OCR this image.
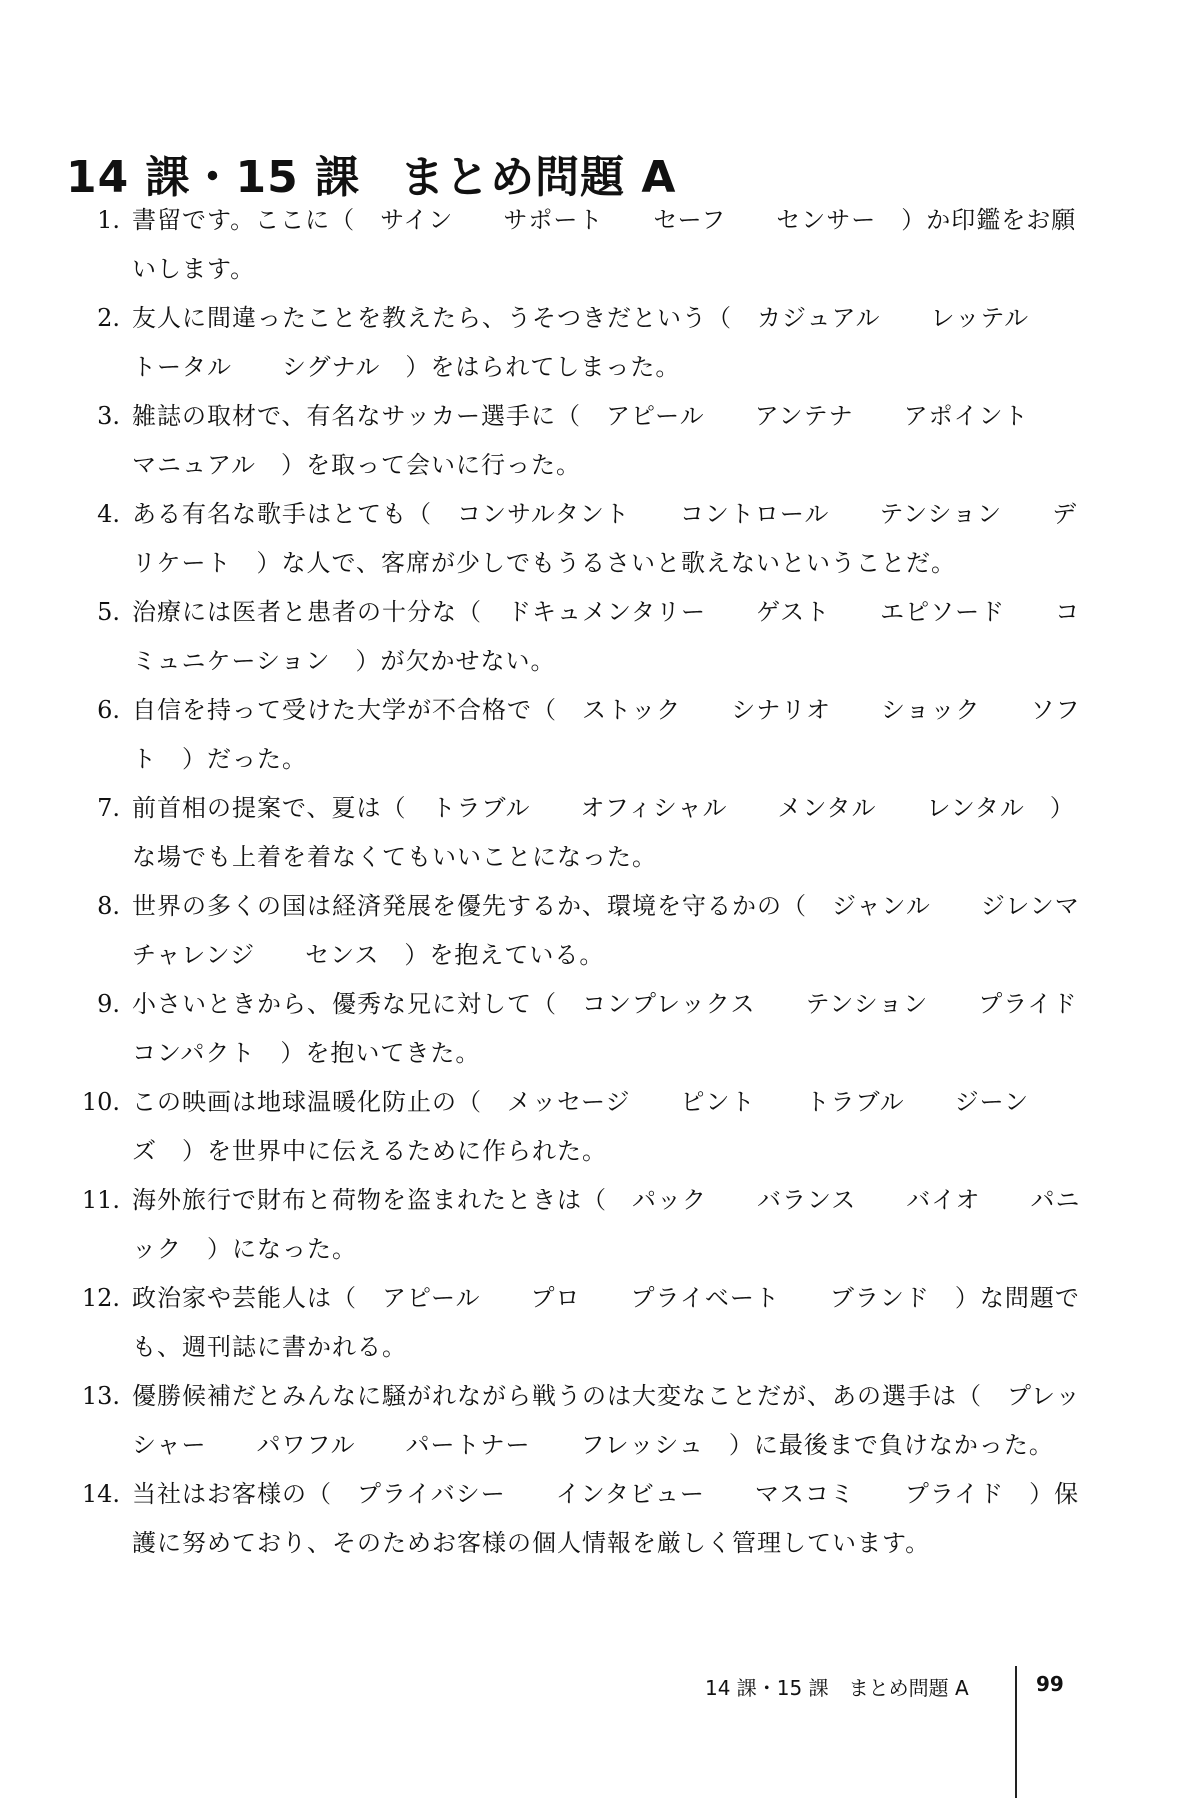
14 課・15 課 まとめ問題 A
1. 書留です。ここに（　サイン　　サポート　　セーフ　　センサー　）か印鑑をお願いします。
2. 友人に間違ったことを教えたら、うそつきだという（　カジュアル　　レッテル　　トータル　　シグナル　）をはられてしまった。
3. 雑誌の取材で、有名なサッカー選手に（　アピール　　アンテナ　　アポイント　　マニュアル　）を取って会いに行った。
4. ある有名な歌手はとても（　コンサルタント　　コントロール　　テンション　　デリケート　）な人で、客席が少しでもうるさいと歌えないということだ。
5. 治療には医者と患者の十分な（　ドキュメンタリー　　ゲスト　　エピソード　　コミュニケーション　）が欠かせない。
6. 自信を持って受けた大学が不合格で（　ストック　　シナリオ　　ショック　　ソフト　）だった。
7. 前首相の提案で、夏は（　トラブル　　オフィシャル　　メンタル　　レンタル　）な場でも上着を着なくてもいいことになった。
8. 世界の多くの国は経済発展を優先するか、環境を守るかの（　ジャンル　　ジレンマ　　チャレンジ　　センス　）を抱えている。
9. 小さいときから、優秀な兄に対して（　コンプレックス　　テンション　　プライド　　コンパクト　）を抱いてきた。
10. この映画は地球温暖化防止の（　メッセージ　　ピント　　トラブル　　ジーンズ　）を世界中に伝えるために作られた。
11. 海外旅行で財布と荷物を盗まれたときは（　パック　　バランス　　バイオ　　パニック　）になった。
12. 政治家や芸能人は（　アピール　　プロ　　プライベート　　ブランド　）な問題でも、週刊誌に書かれる。
13. 優勝候補だとみんなに騒がれながら戦うのは大変なことだが、あの選手は（　プレッシャー　　パワフル　　パートナー　　フレッシュ　）に最後まで負けなかった。
14. 当社はお客様の（　プライバシー　　インタビュー　　マスコミ　　プライド　）保護に努めており、そのためお客様の個人情報を厳しく管理しています。
14 課・15 課　まとめ問題 A	99
